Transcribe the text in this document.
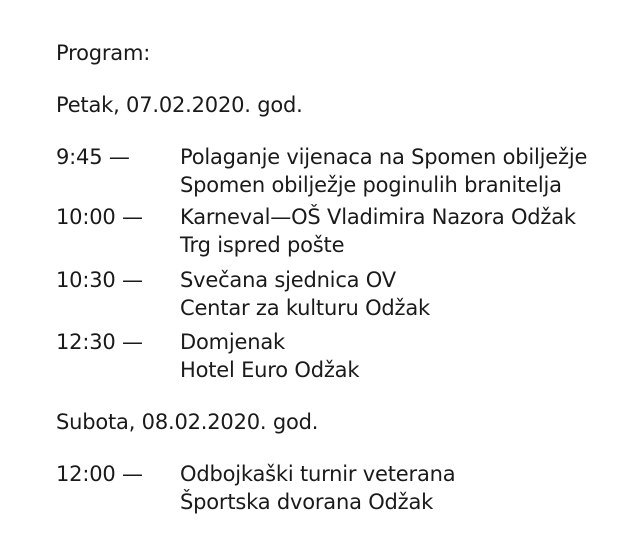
Program:
Petak, 07.02.2020. god.
9:45 — Polaganje vijenaca na Spomen obilježje
Spomen obilježje poginulih branitelja
10:00 — Karneval—OŠ Vladimira Nazora Odžak
Trg ispred pošte
10:30 — Svečana sjednica OV
Centar za kulturu Odžak
12:30 — Domjenak
Hotel Euro Odžak
Subota, 08.02.2020. god.
12:00 — Odbojkaški turnir veterana
Športska dvorana Odžak
